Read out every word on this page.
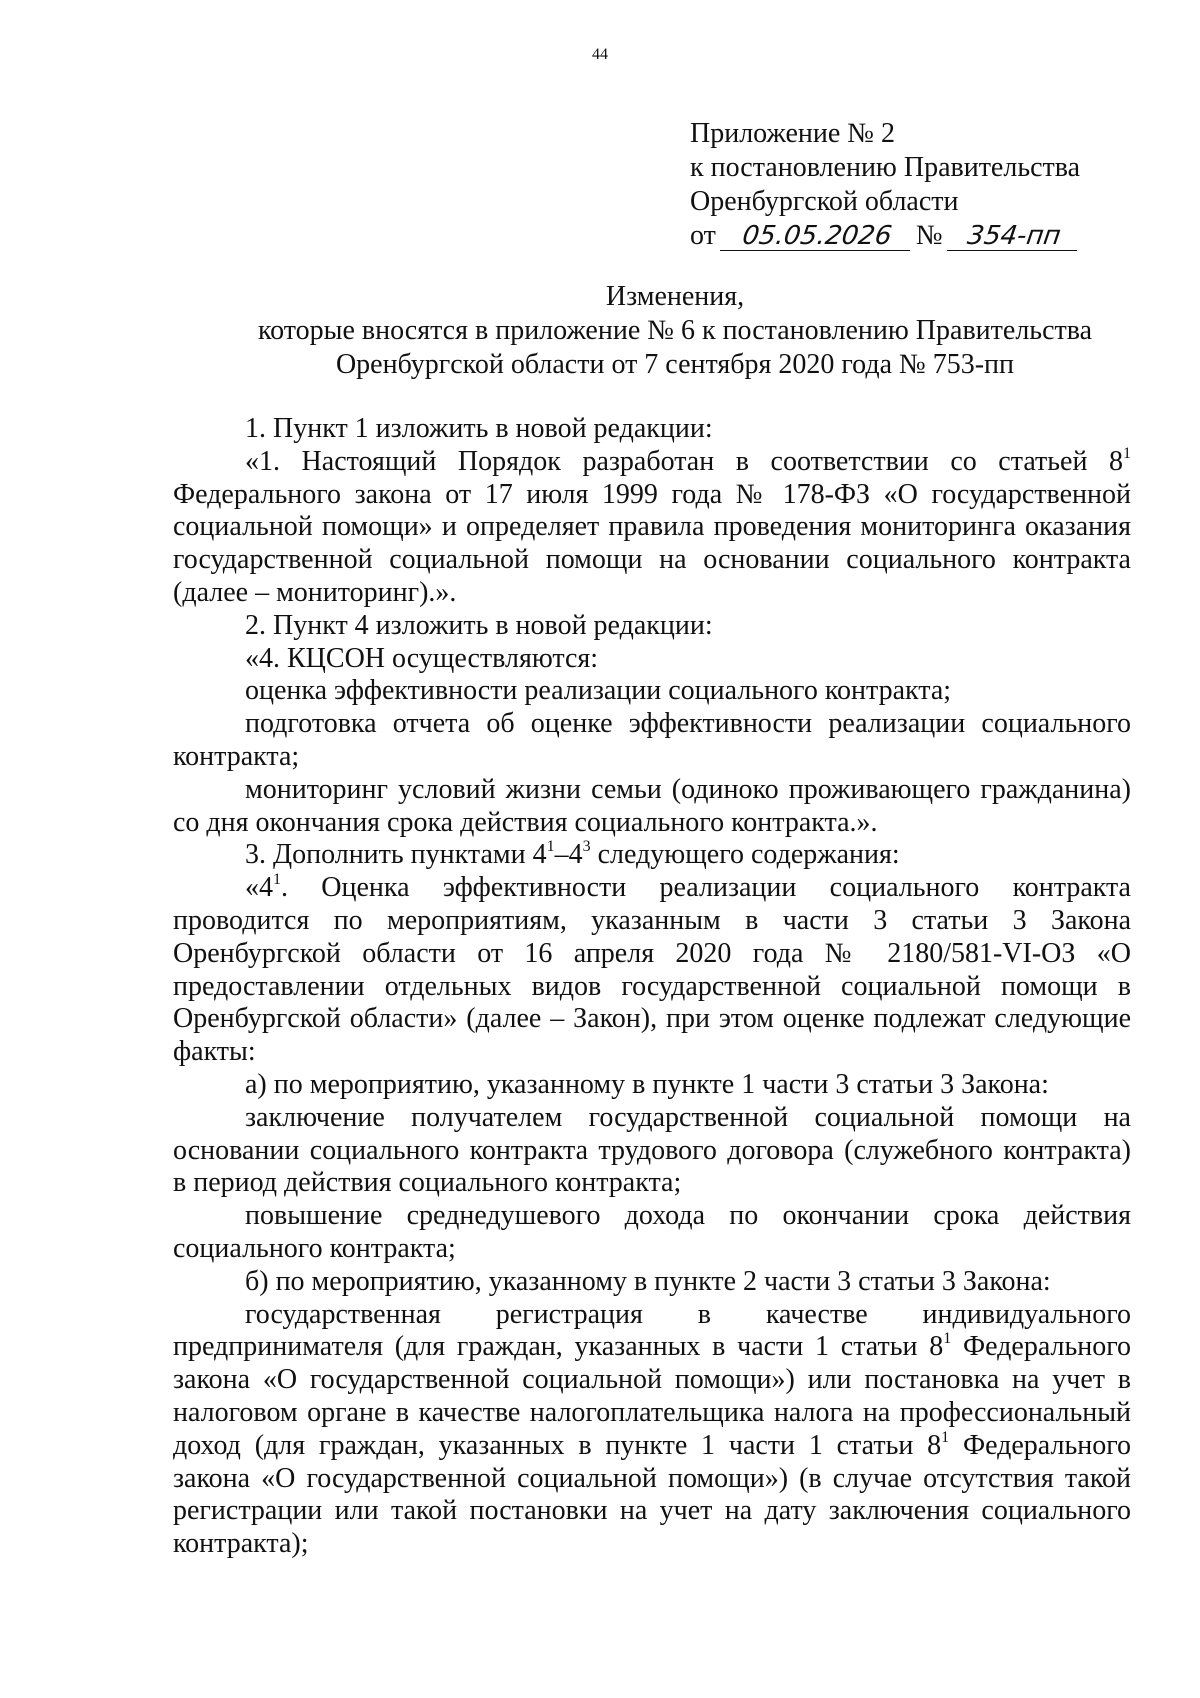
44
Приложение № 2
к постановлению Правительства
Оренбургской области
от 05.05.2026 № 354-пп
Изменения,
которые вносятся в приложение № 6 к постановлению Правительства
Оренбургской области от 7 сентября 2020 года № 753-пп
1. Пункт 1 изложить в новой редакции:
«1. Настоящий Порядок разработан в соответствии со статьей $8^1$ Федерального закона от 17 июля 1999 года № 178-ФЗ «О государственной социальной помощи» и определяет правила проведения мониторинга оказания государственной социальной помощи на основании социального контракта (далее – мониторинг).».
2. Пункт 4 изложить в новой редакции:
«4. КЦСОН осуществляются:
оценка эффективности реализации социального контракта;
подготовка отчета об оценке эффективности реализации социального контракта;
мониторинг условий жизни семьи (одиноко проживающего гражданина) со дня окончания срока действия социального контракта.».
3. Дополнить пунктами $4^1-4^3$ следующего содержания:
«$4^1$. Оценка эффективности реализации социального контракта проводится по мероприятиям, указанным в части 3 статьи 3 Закона Оренбургской области от 16 апреля 2020 года № 2180/581-VI-ОЗ «О предоставлении отдельных видов государственной социальной помощи в Оренбургской области» (далее – Закон), при этом оценке подлежат следующие факты:
а) по мероприятию, указанному в пункте 1 части 3 статьи 3 Закона:
заключение получателем государственной социальной помощи на основании социального контракта трудового договора (служебного контракта) в период действия социального контракта;
повышение среднедушевого дохода по окончании срока действия социального контракта;
б) по мероприятию, указанному в пункте 2 части 3 статьи 3 Закона:
государственная регистрация в качестве индивидуального предпринимателя (для граждан, указанных в части 1 статьи $8^1$ Федерального закона «О государственной социальной помощи») или постановка на учет в налоговом органе в качестве налогоплательщика налога на профессиональный доход (для граждан, указанных в пункте 1 части 1 статьи $8^1$ Федерального закона «О государственной социальной помощи») (в случае отсутствия такой регистрации или такой постановки на учет на дату заключения социального контракта);
